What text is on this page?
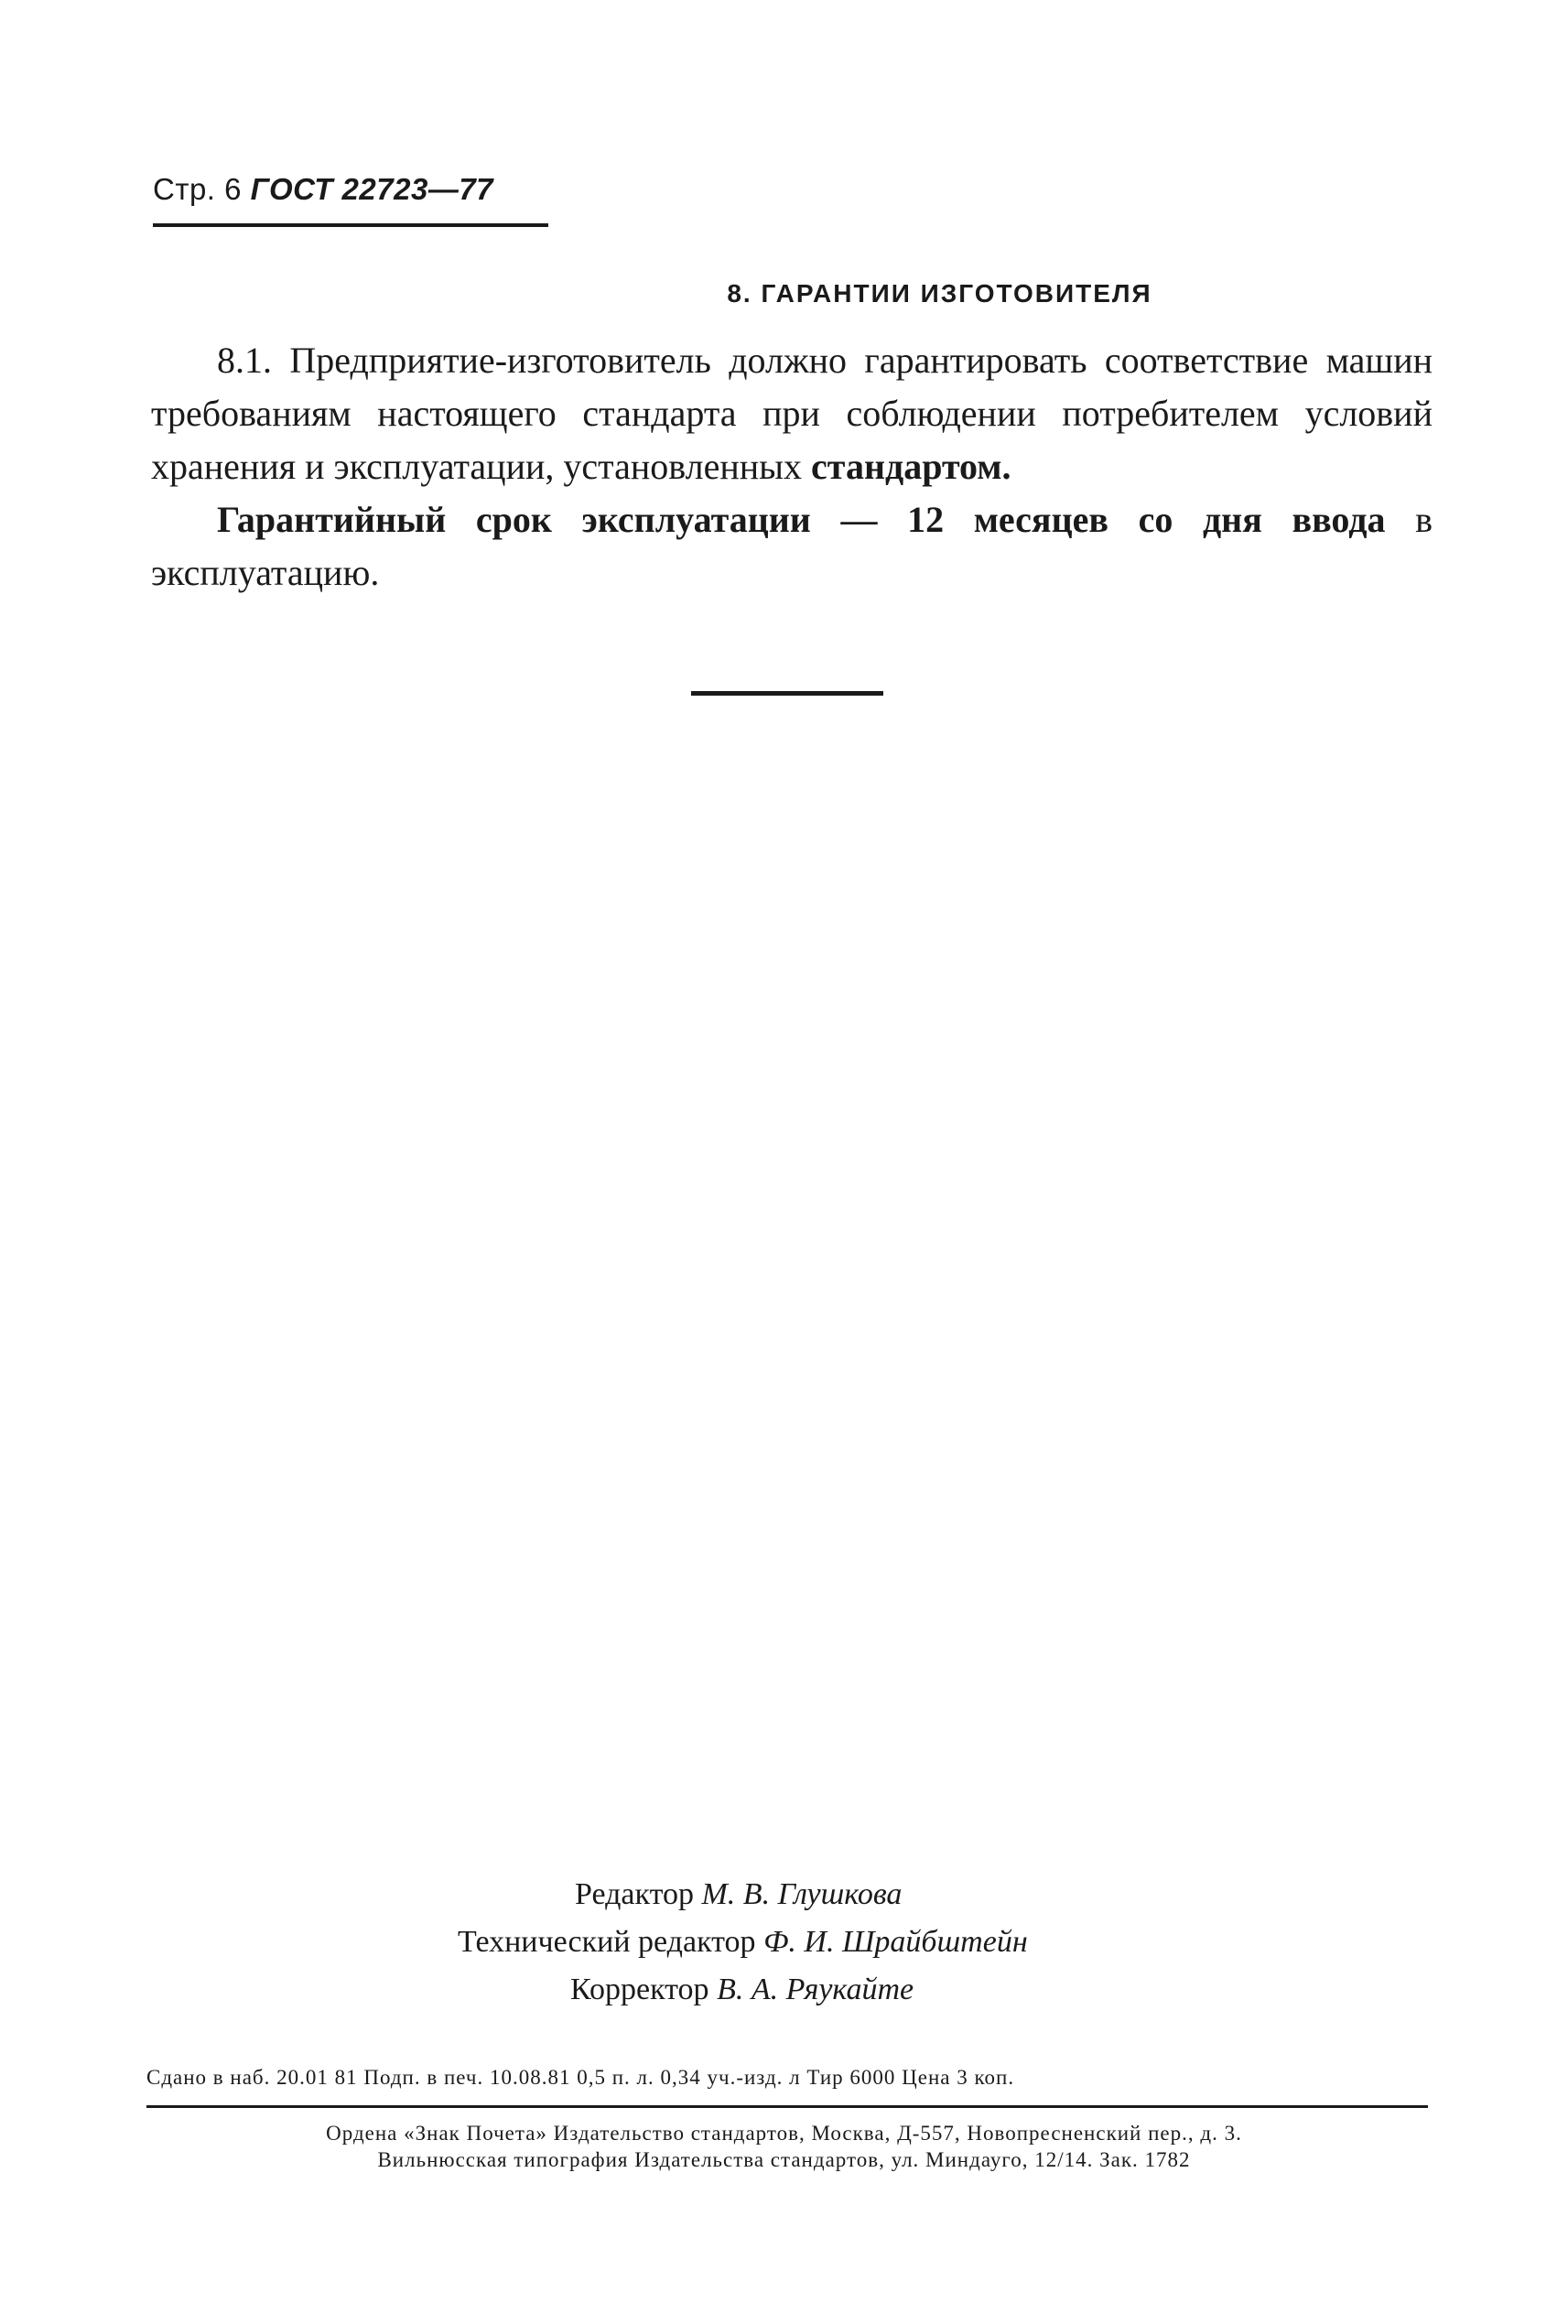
Стр. 6 ГОСТ 22723—77
8. ГАРАНТИИ ИЗГОТОВИТЕЛЯ

8.1. Предприятие-изготовитель должно гарантировать соответствие машин требованиям настоящего стандарта при соблюдении потребителем условий хранения и эксплуатации, установленных стандартом.

Гарантийный срок эксплуатации — 12 месяцев со дня ввода в эксплуатацию.

Редактор М. В. Глушкова
Технический редактор Ф. И. Шрайбштейн
Корректор В. А. Ряукайте
Сдано в наб. 20.01 81 Подп. в печ. 10.08.81 0,5 п. л. 0,34 уч.-изд. л Тир 6000 Цена 3 коп.
Ордена «Знак Почета» Издательство стандартов, Москва, Д-557, Новопресненский пер., д. 3.
Вильнюсская типография Издательства стандартов, ул. Миндауго, 12/14. Зак. 1782
